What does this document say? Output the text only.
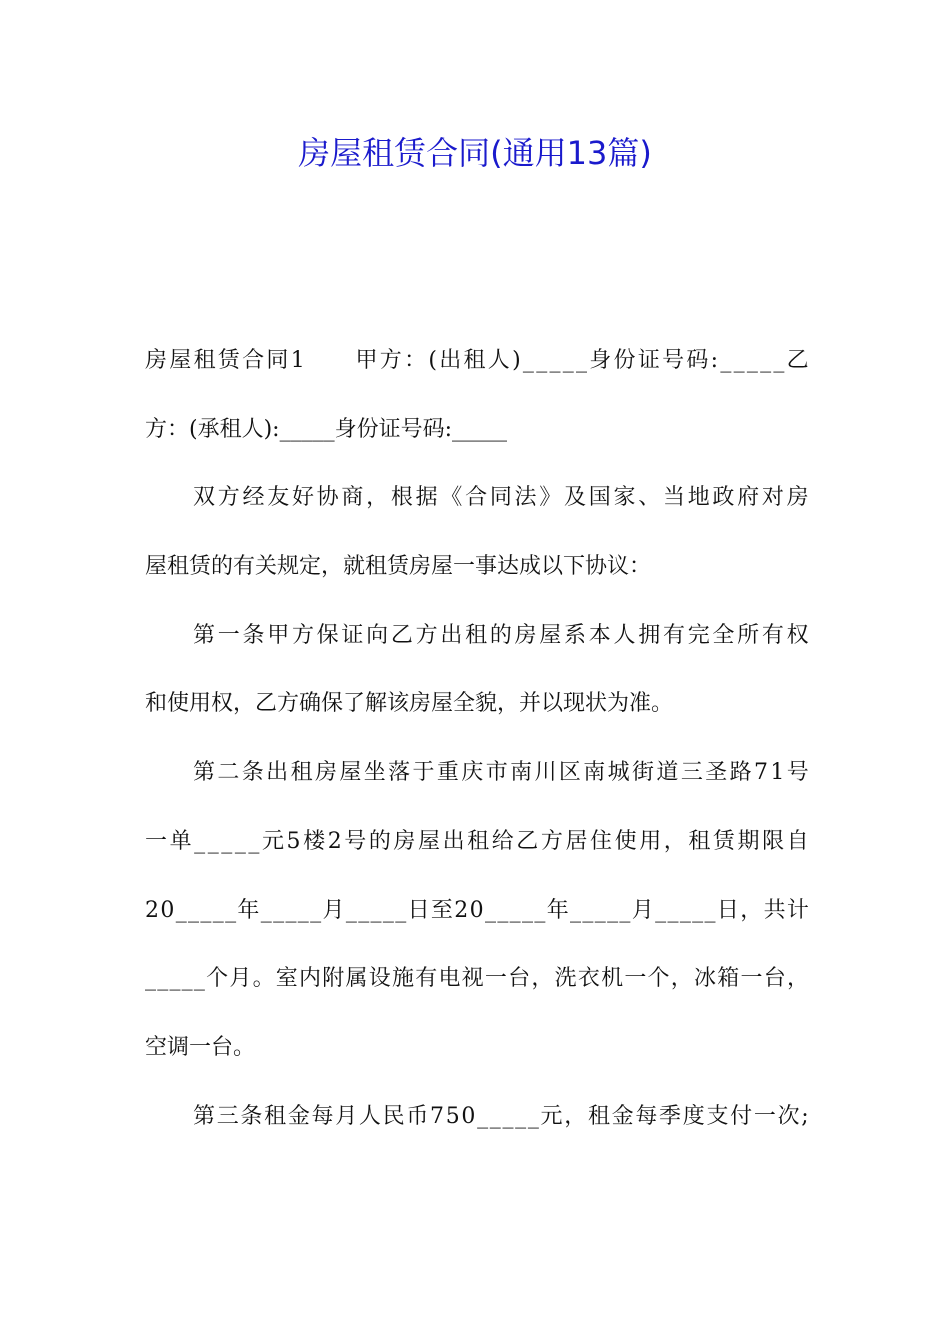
房屋租赁合同(通用13篇)
房 屋 租 赁 合 同 1

　 甲 方 ： ( 出 租 人 ) _ _ _ _ _ 身 份 证 号 码 : _ _ _ _ _ 乙
方：(承租人):_____身份证号码:_____
双 方 经 友 好 协 商 ， 根 据 《 合 同 法 》 及 国 家 、 当 地 政 府 对 房
屋租赁的有关规定，就租赁房屋一事达成以下协议：
第 一 条 甲 方 保 证 向 乙 方 出 租 的 房 屋 系 本 人 拥 有 完 全 所 有 权
和使用权，乙方确保了解该房屋全貌，并以现状为准。
第 二 条 出 租 房 屋 坐 落 于 重 庆 市 南 川 区 南 城 街 道 三 圣 路 7 1 号
一 单 _ _ _ _ _ 元 5 楼 2 号 的 房 屋 出 租 给 乙 方 居 住 使 用 ， 租 赁 期 限 自
2 0 _ _ _ _ _ 年 _ _ _ _ _ 月 _ _ _ _ _ 日 至 2 0 _ _ _ _ _ 年 _ _ _ _ _ 月 _ _ _ _ _ 日 ， 共 计
_ _ _ _ _ 个 月 。 室 内 附 属 设 施 有 电 视 一 台 ， 洗 衣 机 一 个 ， 冰 箱 一 台 ，
空调一台。
第 三 条 租 金 每 月 人 民 币 7 5 0 _ _ _ _ _ 元 ， 租 金 每 季 度 支 付 一 次 ;
